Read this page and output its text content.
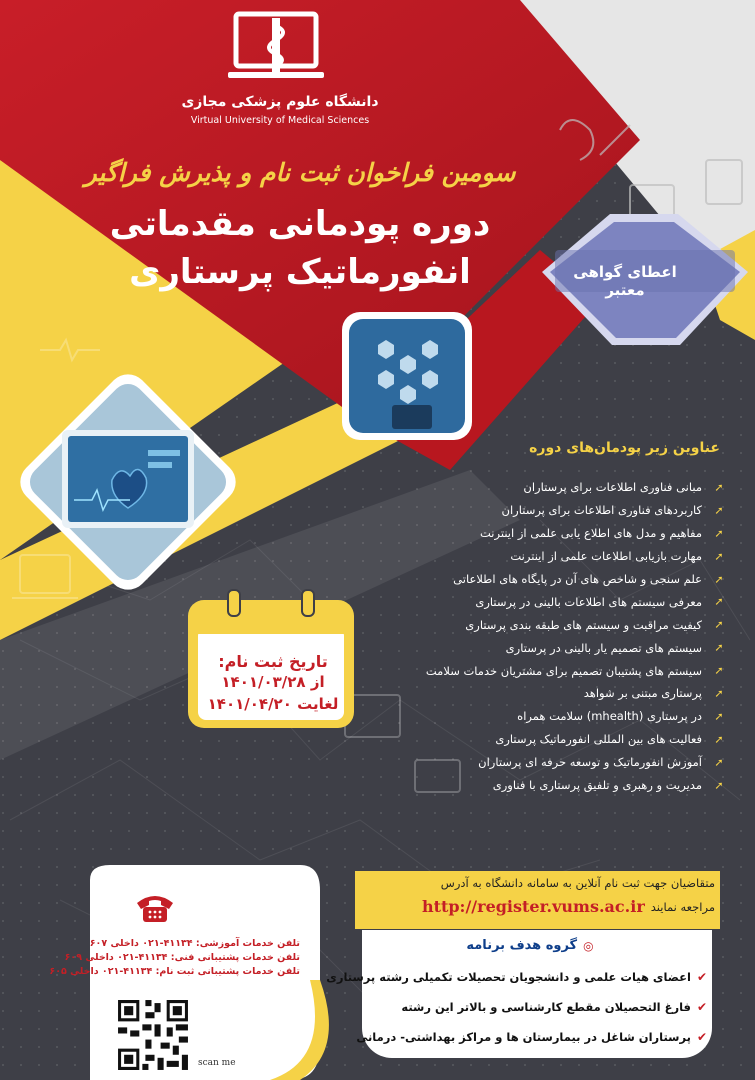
دانشگاه علوم پزشکی مجازی
Virtual University of Medical Sciences
سومین فراخوان ثبت نام و پذیرش فراگیر
دوره پودمانی مقدماتی
انفورماتیک پرستاری	اعطای گواهی معتبر
تاریخ ثبت نام:
از ۱۴۰۱/۰۳/۲۸
لغایت ۱۴۰۱/۰۴/۲۰
عناوین زیر پودمان‌های دوره
➚
مبانی فناوری اطلاعات برای پرستاران
➚
کاربردهای فناوری اطلاعات برای پرستاران
➚
مفاهیم و مدل های اطلاع یابی علمی از اینترنت
➚
مهارت بازیابی اطلاعات علمی از اینترنت
➚
علم سنجی و شاخص های آن در پایگاه های اطلاعاتی
➚
معرفی سیستم های اطلاعات بالینی در پرستاری
➚
کیفیت مراقبت و سیستم های طبقه بندی پرستاری
➚
سیستم های تصمیم یار بالینی در پرستاری
➚
سیستم های پشتیبان تصمیم برای مشتریان خدمات سلامت
➚
پرستاری مبتنی بر شواهد
➚
در پرستاری (mhealth) سلامت همراه
➚
فعالیت های بین المللی انفورماتیک پرستاری
➚
آموزش انفورماتیک و توسعه حرفه ای پرستاران
➚
مدیریت و رهبری و تلفیق پرستاری با فناوری
تلفن خدمات آموزشی: ۴۱۱۳۴-۰۲۱ داخلی ۶۰۷
تلفن خدمات پشتیبانی فنی: ۴۱۱۳۴-۰۲۱ داخلی ۶۰۹
تلفن خدمات پشتیبانی ثبت نام: ۴۱۱۳۴-۰۲۱ داخلی ۶۰۵
scan me
متقاضیان جهت ثبت نام آنلاین به سامانه دانشگاه به آدرس
مراجعه نمایند
http://register.vums.ac.ir
◎
گروه هدف برنامه
✔
اعضای هیات علمی و دانشجویان تحصیلات تکمیلی رشته پرستاری
✔
فارغ التحصیلان مقطع کارشناسی و بالاتر این رشته
✔
پرستاران شاغل در بیمارستان ها و مراکز بهداشتی- درمانی
